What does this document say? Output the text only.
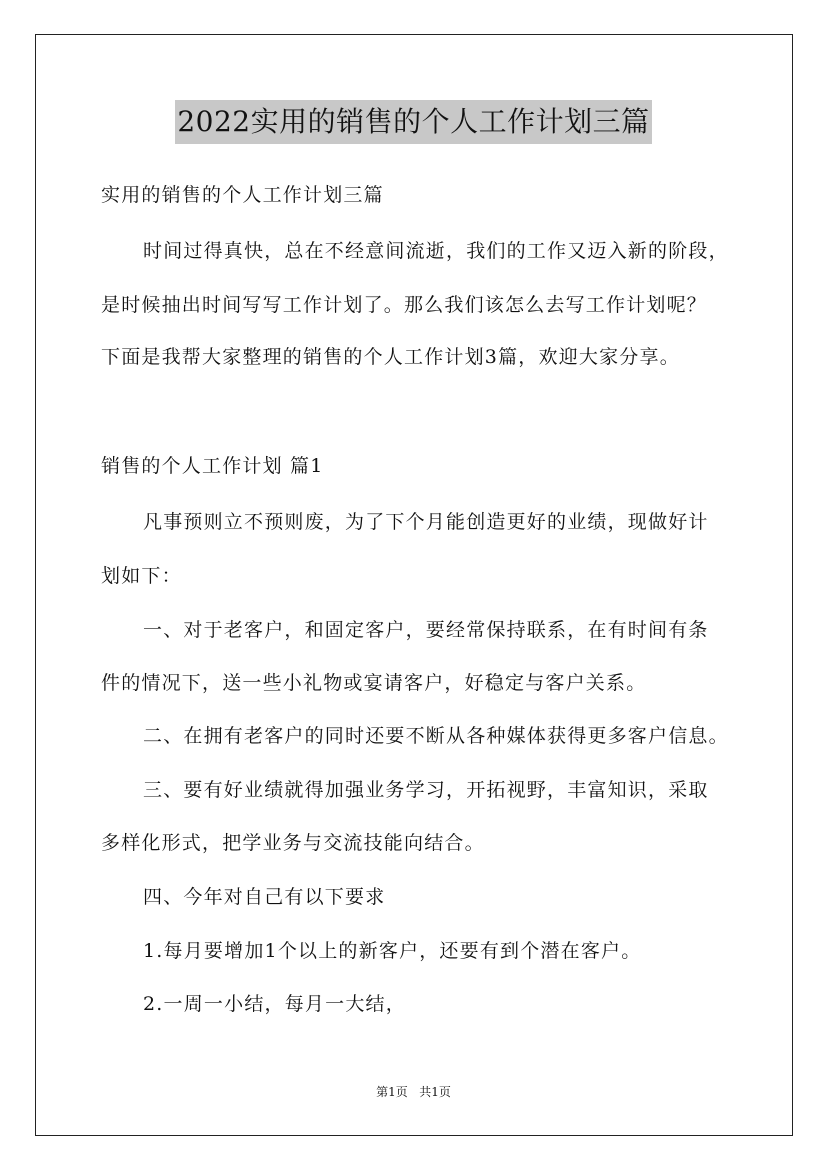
2022实用的销售的个人工作计划三篇
实用的销售的个人工作计划三篇
时间过得真快，总在不经意间流逝，我们的工作又迈入新的阶段，
是时候抽出时间写写工作计划了。那么我们该怎么去写工作计划呢？
下面是我帮大家整理的销售的个人工作计划3篇，欢迎大家分享。
销售的个人工作计划 篇1
凡事预则立不预则废，为了下个月能创造更好的业绩，现做好计
划如下：
一、对于老客户，和固定客户，要经常保持联系，在有时间有条
件的情况下，送一些小礼物或宴请客户，好稳定与客户关系。
二、在拥有老客户的同时还要不断从各种媒体获得更多客户信息。
三、要有好业绩就得加强业务学习，开拓视野，丰富知识，采取
多样化形式，把学业务与交流技能向结合。
四、今年对自己有以下要求
1.每月要增加1个以上的新客户，还要有到个潜在客户。
2.一周一小结，每月一大结，
第1页 共1页
